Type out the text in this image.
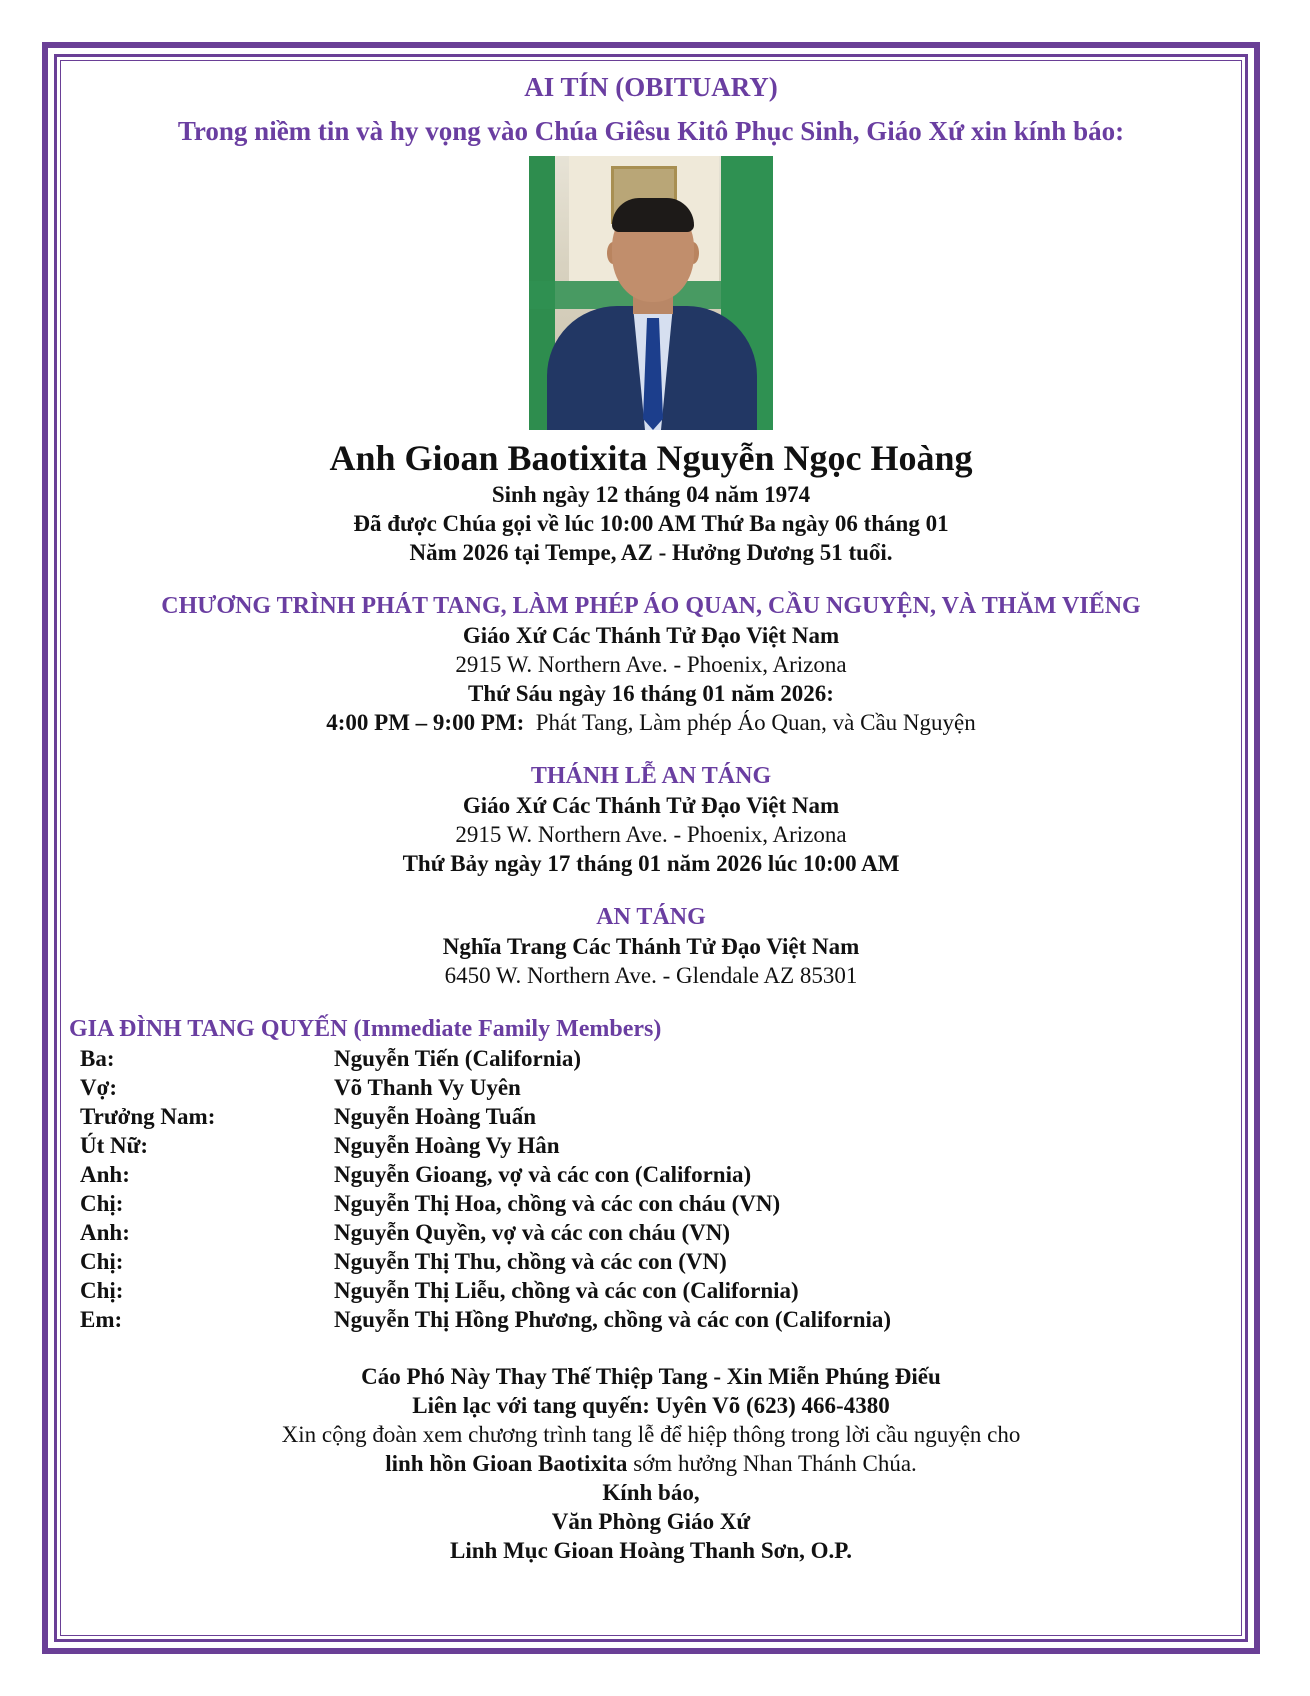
AI TÍN (OBITUARY)
Trong niềm tin và hy vọng vào Chúa Giêsu Kitô Phục Sinh, Giáo Xứ xin kính báo:
Anh Gioan Baotixita Nguyễn Ngọc Hoàng
Sinh ngày 12 tháng 04 năm 1974
Đã được Chúa gọi về lúc 10:00 AM Thứ Ba ngày 06 tháng 01
Năm 2026 tại Tempe, AZ - Hưởng Dương 51 tuổi.
CHƯƠNG TRÌNH PHÁT TANG, LÀM PHÉP ÁO QUAN, CẦU NGUYỆN, VÀ THĂM VIẾNG
Giáo Xứ Các Thánh Tử Đạo Việt Nam
2915 W. Northern Ave. - Phoenix, Arizona
Thứ Sáu ngày 16 tháng 01 năm 2026:
4:00 PM – 9:00 PM: Phát Tang, Làm phép Áo Quan, và Cầu Nguyện
THÁNH LỄ AN TÁNG
Giáo Xứ Các Thánh Tử Đạo Việt Nam
2915 W. Northern Ave. - Phoenix, Arizona
Thứ Bảy ngày 17 tháng 01 năm 2026 lúc 10:00 AM
AN TÁNG
Nghĩa Trang Các Thánh Tử Đạo Việt Nam
6450 W. Northern Ave. - Glendale AZ 85301
GIA ĐÌNH TANG QUYẾN (Immediate Family Members)
Ba:	Nguyễn Tiến (California)
Vợ:	Võ Thanh Vy Uyên
Trưởng Nam:	Nguyễn Hoàng Tuấn
Út Nữ:	Nguyễn Hoàng Vy Hân
Anh:	Nguyễn Gioang, vợ và các con (California)
Chị:	Nguyễn Thị Hoa, chồng và các con cháu (VN)
Anh:	Nguyễn Quyền, vợ và các con cháu (VN)
Chị:	Nguyễn Thị Thu, chồng và các con (VN)
Chị:	Nguyễn Thị Liễu, chồng và các con (California)
Em:	Nguyễn Thị Hồng Phương, chồng và các con (California)
Cáo Phó Này Thay Thế Thiệp Tang - Xin Miễn Phúng Điếu
Liên lạc với tang quyến: Uyên Võ (623) 466-4380
Xin cộng đoàn xem chương trình tang lễ để hiệp thông trong lời cầu nguyện cho
linh hồn Gioan Baotixita sớm hưởng Nhan Thánh Chúa.
Kính báo,
Văn Phòng Giáo Xứ
Linh Mục Gioan Hoàng Thanh Sơn, O.P.
